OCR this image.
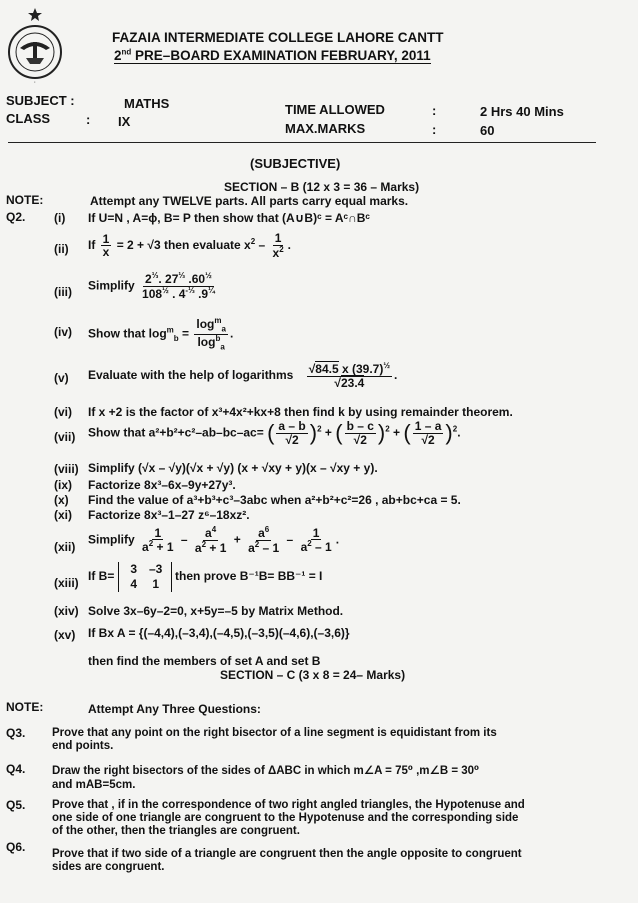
·
FAZAIA INTERMEDIATE COLLEGE LAHORE CANTT
2nd PRE–BOARD EXAMINATION FEBRUARY, 2011
SUBJECT :	MATHS
CLASS	: IX
TIME ALLOWED	:	2 Hrs 40 Mins
MAX.MARKS	:	60
(SUBJECTIVE)
SECTION – B (12 x 3 = 36 – Marks)
NOTE:	Attempt any TWELVE parts. All parts carry equal marks.
Q2. (i) If U=N , A=ϕ, B= P then show that (A∪B)ᶜ = Aᶜ∩Bᶜ
(ii) If $\frac{1}{x} = 2 + √3$ then evaluate $x^2 - \frac{1}{x^2}$ .
(iii) Simplify $\frac{2^{\frac{1}{3}}. 27^{\frac{1}{3}} .60^{\frac{1}{2}}}{108^{\frac{1}{2}} . 4^{-\frac{1}{3}} .9^{\frac{1}{4}}}$
(iv) Show that $\log^m_b = \frac{\log^m_a}{\log^b_a}$ .
(v) Evaluate with the help of logarithms $\frac{√84.5 x (39.7)^{\frac{1}{2}}}{√23.4}$ .
(vi) If x +2 is the factor of x³+4x²+kx+8 then find k by using remainder theorem.
(vii) Show that a²+b²+c²–ab–bc–ac= ( $\frac{a - b}{√2} )^2$ + ( $\frac{b - c}{√2} )^2$ + ( $\frac{1 - a}{√2} )^2$.
(viii) Simplify (√x – √y)(√x + √y) (x + √xy + y)(x – √xy + y).
(ix) Factorize 8x³–6x–9y+27y³.
(x) Find the value of a³+b³+c³–3abc when a²+b²+c²=26 , ab+bc+ca = 5.
(xi) Factorize 8x³–1–27 z⁶–18xz².
(xii)
Simplify $\frac{1}{a^2 + 1} - \frac{a^4}{a^2 + 1} + \frac{a^6}{a^2 - 1} - \frac{1}{a^2 - 1}$ .
(xiii) If B=
3 –3
4 1
then prove B⁻¹B= BB⁻¹ = I
(xiv) Solve 3x–6y–2=0, x+5y=–5 by Matrix Method.
(xv) If Bx A = {(–4,4),(–3,4),(–4,5),(–3,5)(–4,6),(–3,6)}
then find the members of set A and set B
SECTION – C (3 x 8 = 24– Marks)
NOTE:	Attempt Any Three Questions:
Q3. Prove that any point on the right bisector of a line segment is equidistant from its
end points.
Q4. Draw the right bisectors of the sides of ΔABC in which m∠A = 75⁰ ,m∠B = 30⁰
and mAB=5cm.
Q5. Prove that , if in the correspondence of two right angled triangles, the Hypotenuse and
one side of one triangle are congruent to the Hypotenuse and the corresponding side
of the other, then the triangles are congruent.
Q6. Prove that if two side of a triangle are congruent then the angle opposite to congruent
sides are congruent.
